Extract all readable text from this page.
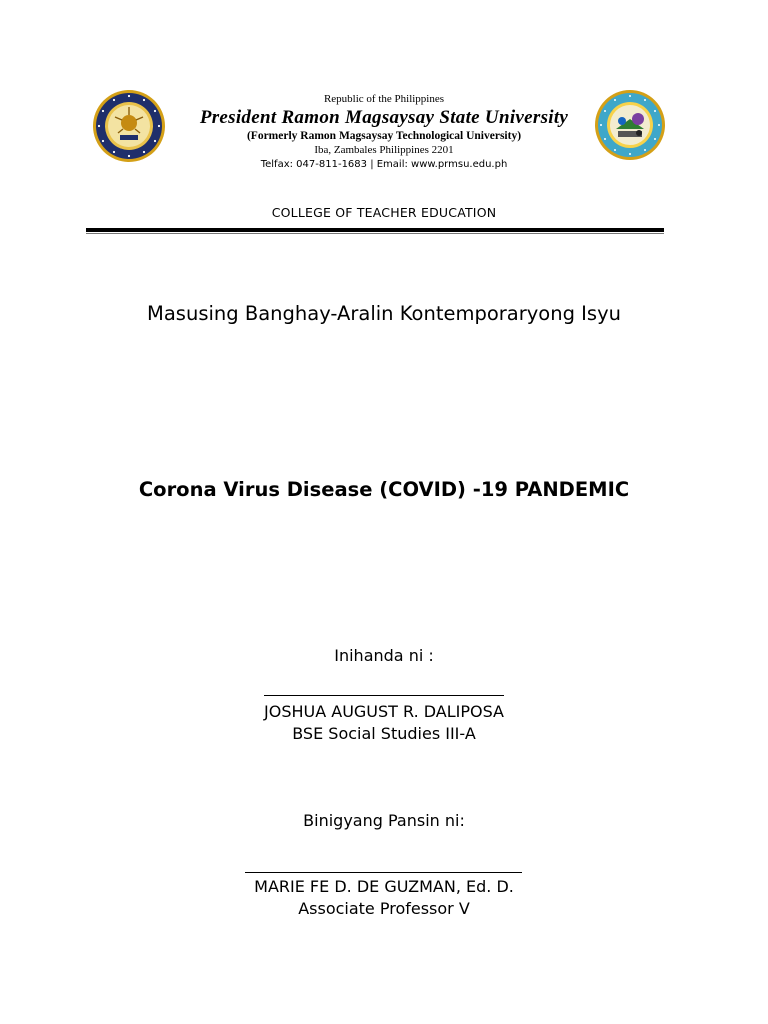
Republic of the Philippines
President Ramon Magsaysay State University
(Formerly Ramon Magsaysay Technological University)
Iba, Zambales Philippines 2201
Telfax: 047-811-1683 | Email: www.prmsu.edu.ph
COLLEGE OF TEACHER EDUCATION
Masusing Banghay-Aralin Kontemporaryong Isyu
Corona Virus Disease (COVID) -19 PANDEMIC
Inihanda ni :
JOSHUA AUGUST R. DALIPOSA
BSE Social Studies III-A
Binigyang Pansin ni:
MARIE FE D. DE GUZMAN, Ed. D.
Associate Professor V
